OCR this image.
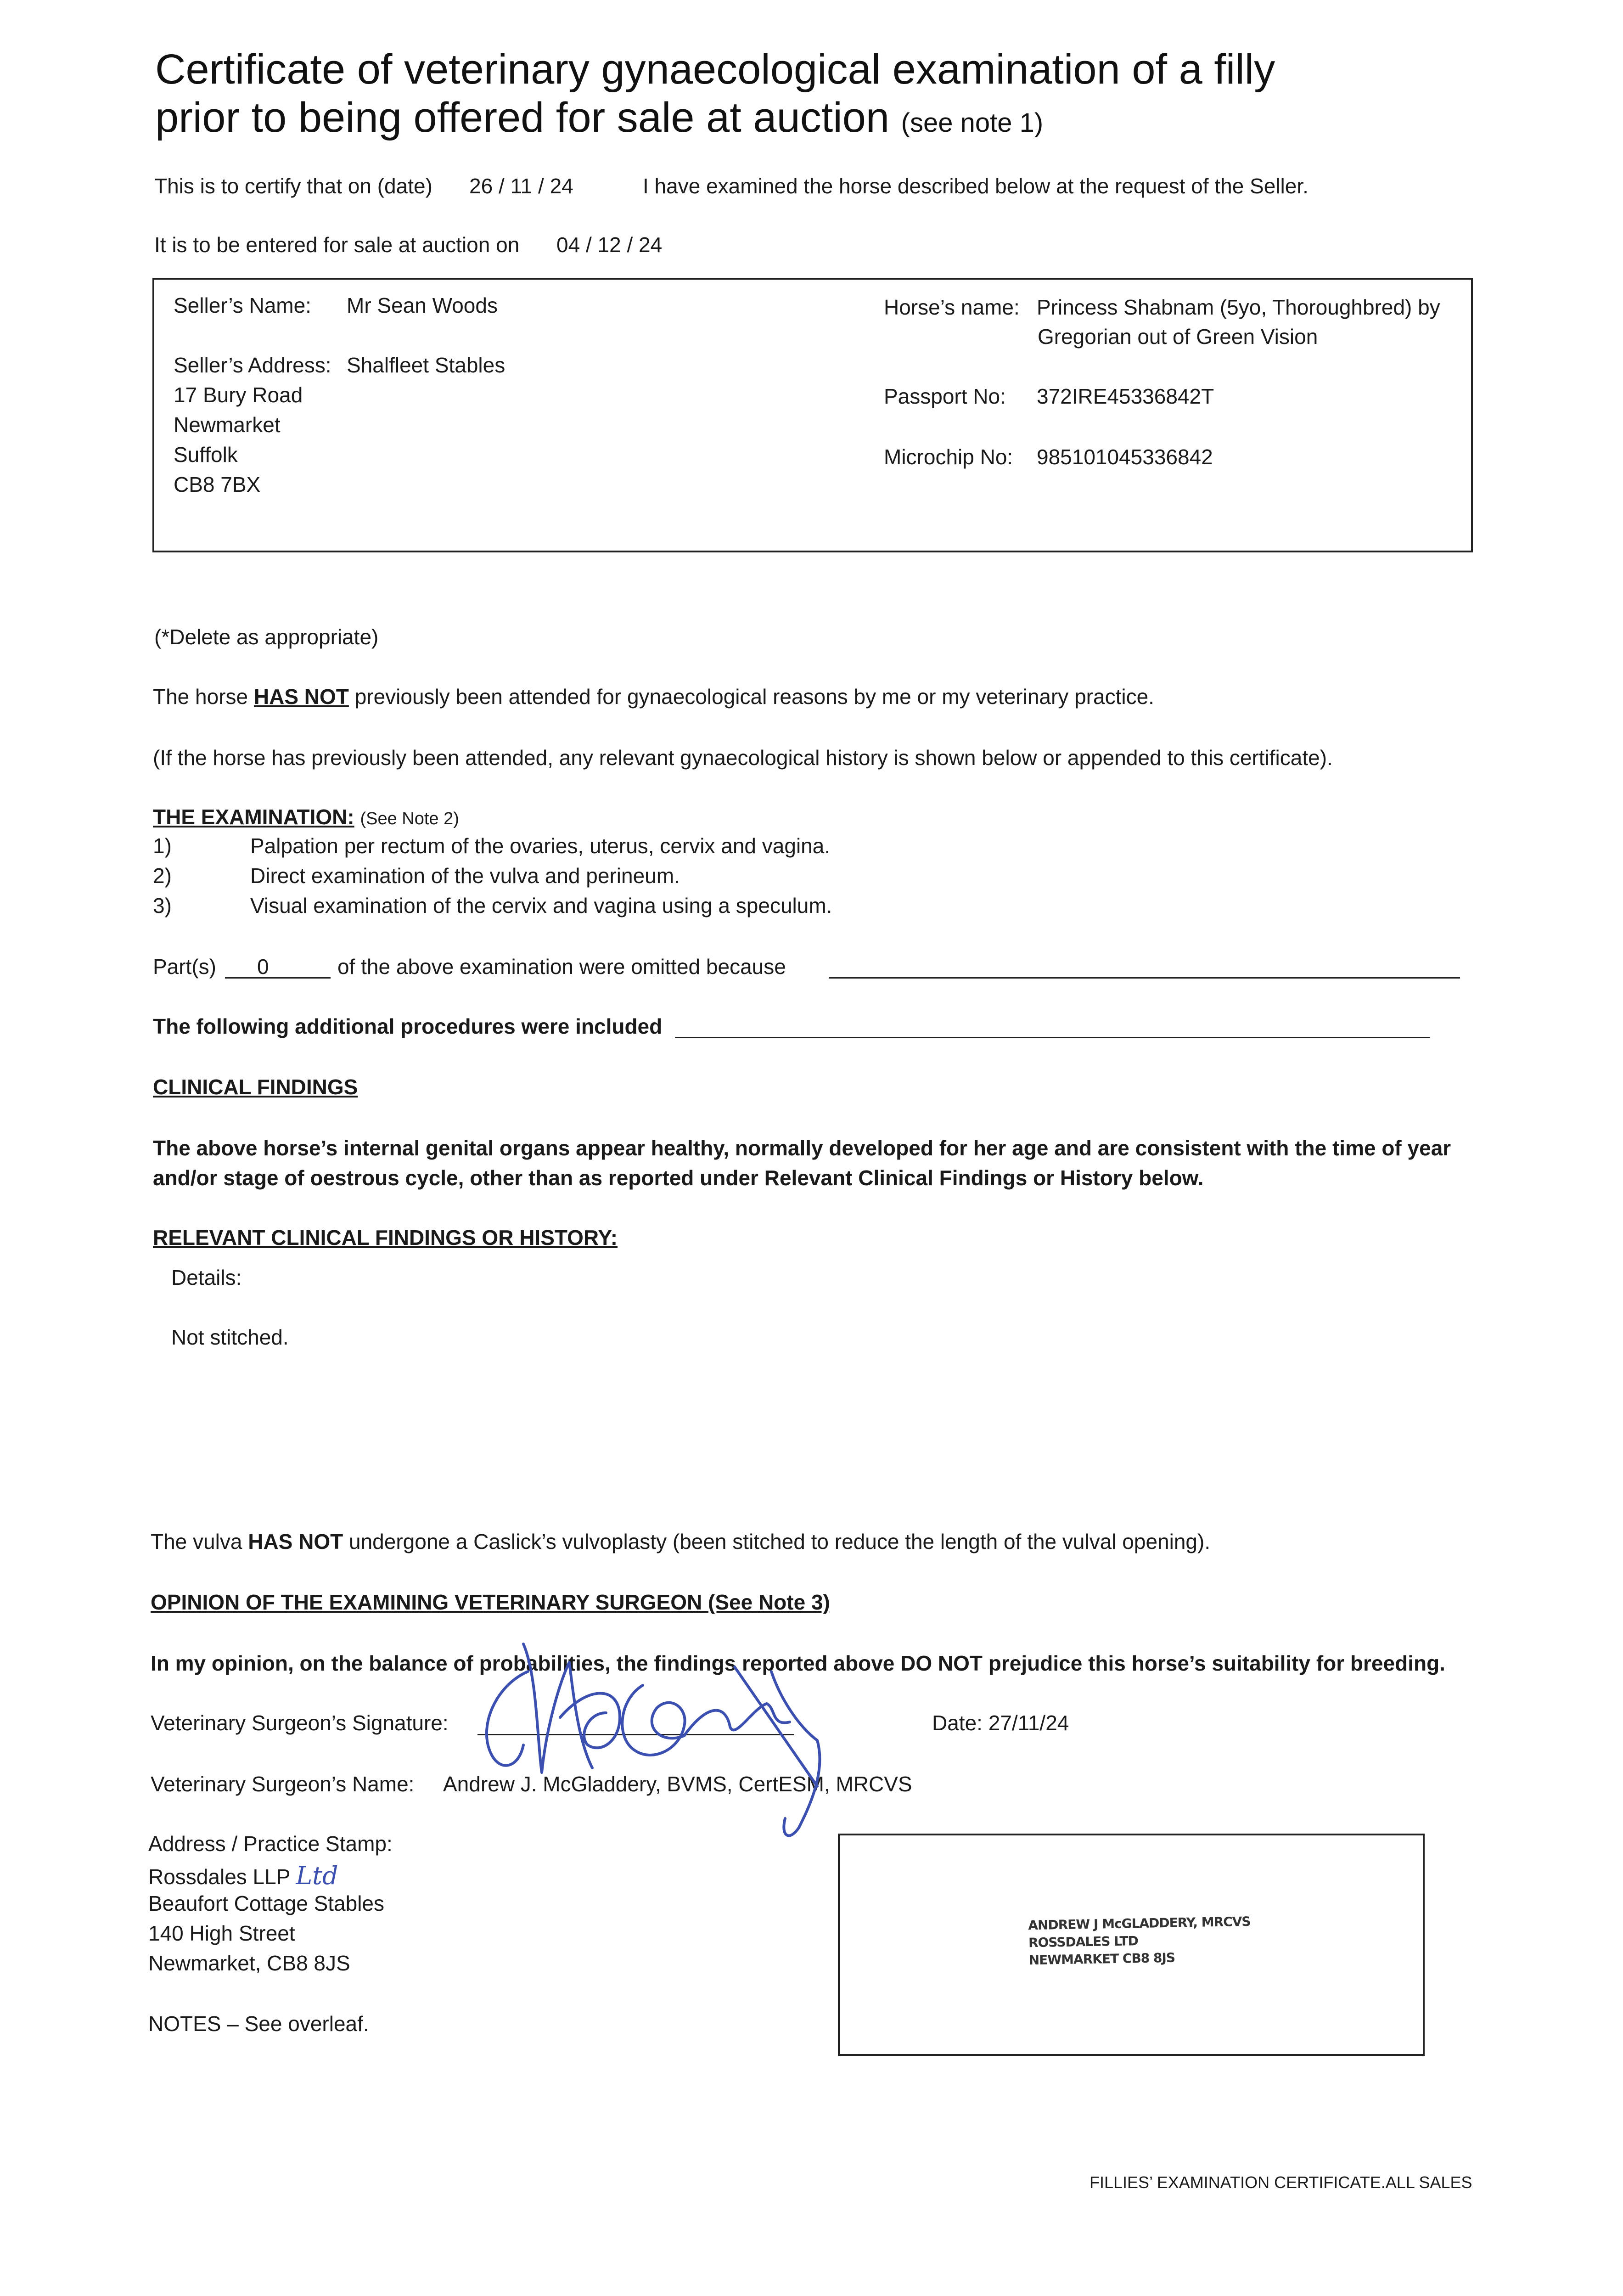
Certificate of veterinary gynaecological examination of a filly
prior to being offered for sale at auction (see note 1)
This is to certify that on (date) 26 / 11 / 24	I have examined the horse described below at the request of the Seller.
It is to be entered for sale at auction on 04 / 12 / 24
Seller’s Name: Mr Sean Woods
Seller’s Address: Shalfleet Stables
17 Bury Road
Newmarket
Suffolk
CB8 7BX
Horse’s name: Princess Shabnam (5yo, Thoroughbred) by
Gregorian out of Green Vision
Passport No: 372IRE45336842T
Microchip No: 985101045336842
(*Delete as appropriate)
The horse HAS NOT previously been attended for gynaecological reasons by me or my veterinary practice.
(If the horse has previously been attended, any relevant gynaecological history is shown below or appended to this certificate).
THE EXAMINATION: (See Note 2)
1)	Palpation per rectum of the ovaries, uterus, cervix and vagina.
2)	Direct examination of the vulva and perineum.
3)	Visual examination of the cervix and vagina using a speculum.
Part(s) 0	of the above examination were omitted because
The following additional procedures were included
CLINICAL FINDINGS
The above horse’s internal genital organs appear healthy, normally developed for her age and are consistent with the time of year
and/or stage of oestrous cycle, other than as reported under Relevant Clinical Findings or History below.
RELEVANT CLINICAL FINDINGS OR HISTORY:
Details:
Not stitched.
The vulva HAS NOT undergone a Caslick’s vulvoplasty (been stitched to reduce the length of the vulval opening).
OPINION OF THE EXAMINING VETERINARY SURGEON (See Note 3)
In my opinion, on the balance of probabilities, the findings reported above DO NOT prejudice this horse’s suitability for breeding.
Veterinary Surgeon’s Signature:	Date: 27/11/24
Veterinary Surgeon’s Name: Andrew J. McGladdery, BVMS, CertESM, MRCVS
Address / Practice Stamp:
Rossdales LLP Ltd
Beaufort Cottage Stables
140 High Street
Newmarket, CB8 8JS
ANDREW J McGLADDERY, MRCVS
ROSSDALES LTD
NEWMARKET CB8 8JS
NOTES – See overleaf.
FILLIES’ EXAMINATION CERTIFICATE.ALL SALES
